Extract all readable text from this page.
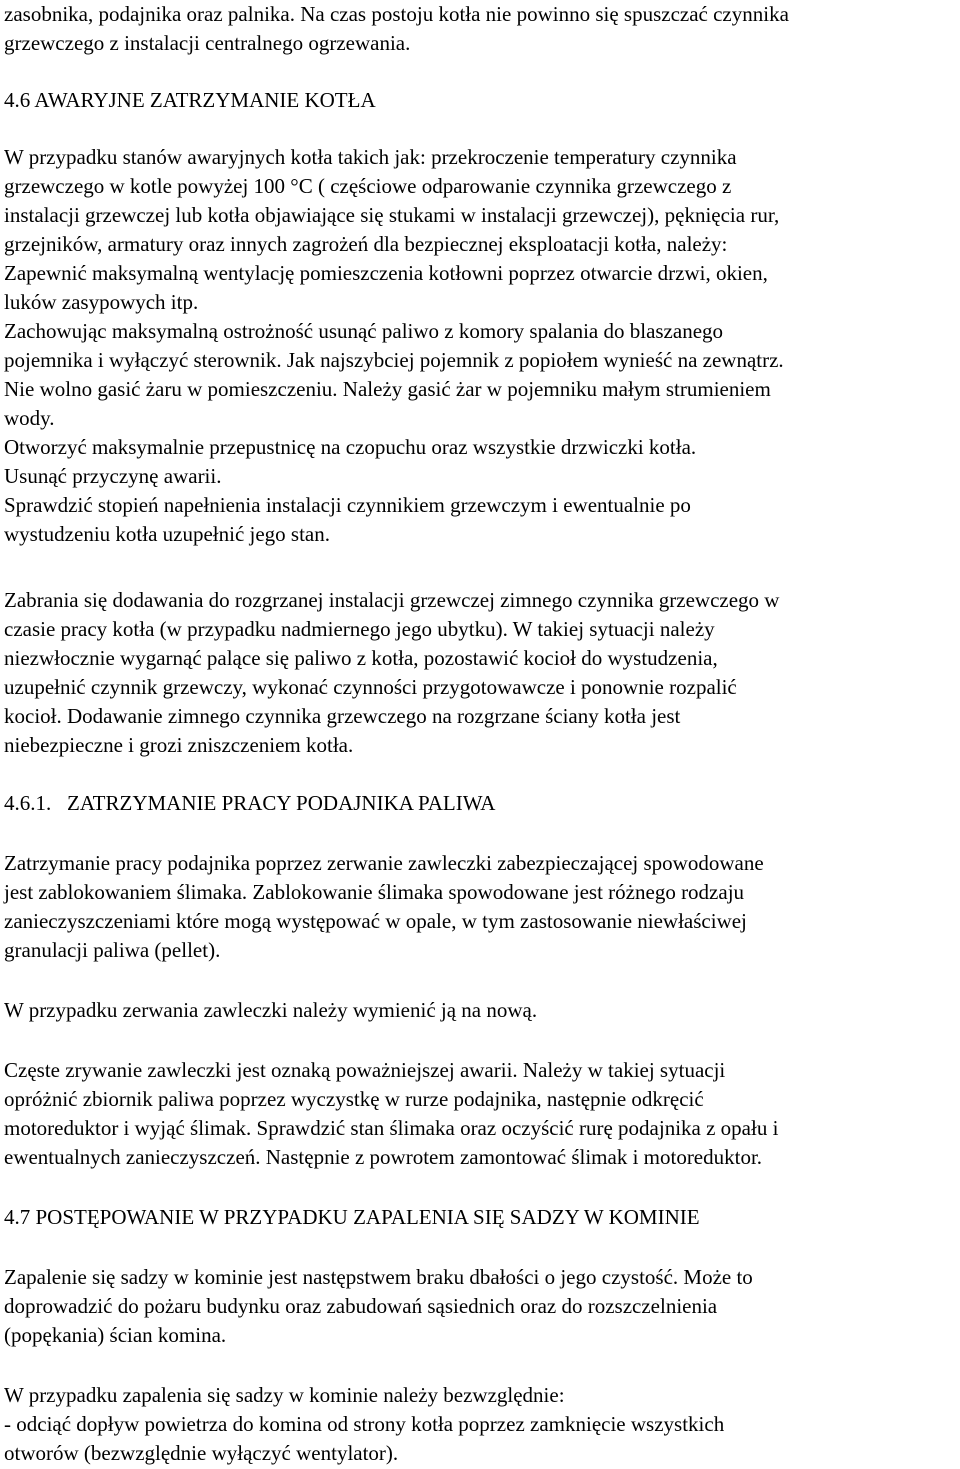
zasobnika, podajnika oraz palnika. Na czas postoju kotła nie powinno się spuszczać czynnika
grzewczego z instalacji centralnego ogrzewania.
4.6 AWARYJNE ZATRZYMANIE KOTŁA
W przypadku stanów awaryjnych kotła takich jak: przekroczenie temperatury czynnika
grzewczego w kotle powyżej 100 °C ( częściowe odparowanie czynnika grzewczego z
instalacji grzewczej lub kotła objawiające się stukami w instalacji grzewczej), pęknięcia rur,
grzejników, armatury oraz innych zagrożeń dla bezpiecznej eksploatacji kotła, należy:
Zapewnić maksymalną wentylację pomieszczenia kotłowni poprzez otwarcie drzwi, okien,
luków zasypowych itp.
Zachowując maksymalną ostrożność usunąć paliwo z komory spalania do blaszanego
pojemnika i wyłączyć sterownik. Jak najszybciej pojemnik z popiołem wynieść na zewnątrz.
Nie wolno gasić żaru w pomieszczeniu. Należy gasić żar w pojemniku małym strumieniem
wody.
Otworzyć maksymalnie przepustnicę na czopuchu oraz wszystkie drzwiczki kotła.
Usunąć przyczynę awarii.
Sprawdzić stopień napełnienia instalacji czynnikiem grzewczym i ewentualnie po
wystudzeniu kotła uzupełnić jego stan.
Zabrania się dodawania do rozgrzanej instalacji grzewczej zimnego czynnika grzewczego w
czasie pracy kotła (w przypadku nadmiernego jego ubytku). W takiej sytuacji należy
niezwłocznie wygarnąć palące się paliwo z kotła, pozostawić kocioł do wystudzenia,
uzupełnić czynnik grzewczy, wykonać czynności przygotowawcze i ponownie rozpalić
kocioł. Dodawanie zimnego czynnika grzewczego na rozgrzane ściany kotła jest
niebezpieczne i grozi zniszczeniem kotła.
4.6.1.   ZATRZYMANIE PRACY PODAJNIKA PALIWA
Zatrzymanie pracy podajnika poprzez zerwanie zawleczki zabezpieczającej spowodowane
jest zablokowaniem ślimaka. Zablokowanie ślimaka spowodowane jest różnego rodzaju
zanieczyszczeniami które mogą występować w opale, w tym zastosowanie niewłaściwej
granulacji paliwa (pellet).
W przypadku zerwania zawleczki należy wymienić ją na nową.
Częste zrywanie zawleczki jest oznaką poważniejszej awarii. Należy w takiej sytuacji
opróżnić zbiornik paliwa poprzez wyczystkę w rurze podajnika, następnie odkręcić
motoreduktor i wyjąć ślimak. Sprawdzić stan ślimaka oraz oczyścić rurę podajnika z opału i
ewentualnych zanieczyszczeń. Następnie z powrotem zamontować ślimak i motoreduktor.
4.7 POSTĘPOWANIE W PRZYPADKU ZAPALENIA SIĘ SADZY W KOMINIE
Zapalenie się sadzy w kominie jest następstwem braku dbałości o jego czystość. Może to
doprowadzić do pożaru budynku oraz zabudowań sąsiednich oraz do rozszczelnienia
(popękania) ścian komina.
W przypadku zapalenia się sadzy w kominie należy bezwzględnie:
- odciąć dopływ powietrza do komina od strony kotła poprzez zamknięcie wszystkich
otworów (bezwzględnie wyłączyć wentylator).
